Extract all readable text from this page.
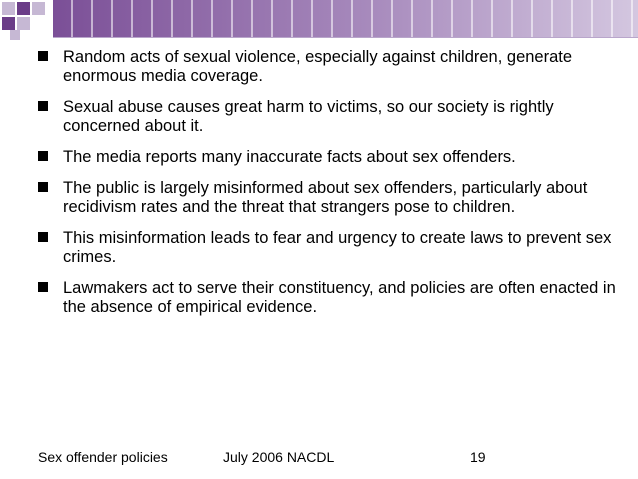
Random acts of sexual violence, especially against children, generate enormous media coverage.
Sexual abuse causes great harm to victims, so our society is rightly concerned about it.
The media reports many inaccurate facts about sex offenders.
The public is largely misinformed about sex offenders, particularly about recidivism rates and the threat that strangers pose to children.
This misinformation leads to fear and urgency to create laws to prevent sex crimes.
Lawmakers act to serve their constituency, and policies are often enacted in the absence of empirical evidence.
Sex offender policies	July 2006 NACDL	19
